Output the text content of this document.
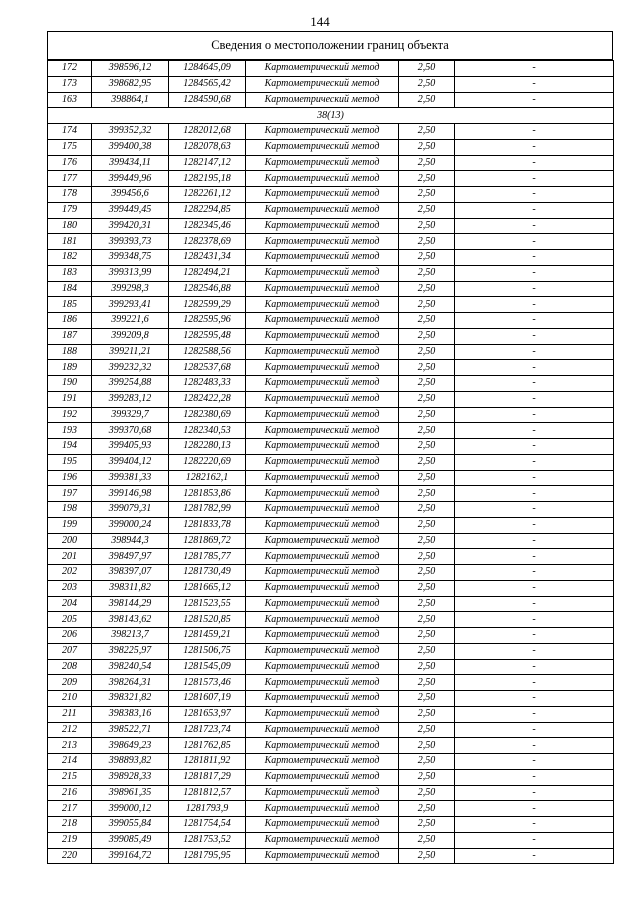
144
Сведения о местоположении границ объекта
172	398596,12	1284645,09	Картометрический метод	2,50	-
173	398682,95	1284565,42	Картометрический метод	2,50	-
163	398864,1	1284590,68	Картометрический метод	2,50	-
38(13)					
174	399352,32	1282012,68	Картометрический метод	2,50	-
175	399400,38	1282078,63	Картометрический метод	2,50	-
176	399434,11	1282147,12	Картометрический метод	2,50	-
177	399449,96	1282195,18	Картометрический метод	2,50	-
178	399456,6	1282261,12	Картометрический метод	2,50	-
179	399449,45	1282294,85	Картометрический метод	2,50	-
180	399420,31	1282345,46	Картометрический метод	2,50	-
181	399393,73	1282378,69	Картометрический метод	2,50	-
182	399348,75	1282431,34	Картометрический метод	2,50	-
183	399313,99	1282494,21	Картометрический метод	2,50	-
184	399298,3	1282546,88	Картометрический метод	2,50	-
185	399293,41	1282599,29	Картометрический метод	2,50	-
186	399221,6	1282595,96	Картометрический метод	2,50	-
187	399209,8	1282595,48	Картометрический метод	2,50	-
188	399211,21	1282588,56	Картометрический метод	2,50	-
189	399232,32	1282537,68	Картометрический метод	2,50	-
190	399254,88	1282483,33	Картометрический метод	2,50	-
191	399283,12	1282422,28	Картометрический метод	2,50	-
192	399329,7	1282380,69	Картометрический метод	2,50	-
193	399370,68	1282340,53	Картометрический метод	2,50	-
194	399405,93	1282280,13	Картометрический метод	2,50	-
195	399404,12	1282220,69	Картометрический метод	2,50	-
196	399381,33	1282162,1	Картометрический метод	2,50	-
197	399146,98	1281853,86	Картометрический метод	2,50	-
198	399079,31	1281782,99	Картометрический метод	2,50	-
199	399000,24	1281833,78	Картометрический метод	2,50	-
200	398944,3	1281869,72	Картометрический метод	2,50	-
201	398497,97	1281785,77	Картометрический метод	2,50	-
202	398397,07	1281730,49	Картометрический метод	2,50	-
203	398311,82	1281665,12	Картометрический метод	2,50	-
204	398144,29	1281523,55	Картометрический метод	2,50	-
205	398143,62	1281520,85	Картометрический метод	2,50	-
206	398213,7	1281459,21	Картометрический метод	2,50	-
207	398225,97	1281506,75	Картометрический метод	2,50	-
208	398240,54	1281545,09	Картометрический метод	2,50	-
209	398264,31	1281573,46	Картометрический метод	2,50	-
210	398321,82	1281607,19	Картометрический метод	2,50	-
211	398383,16	1281653,97	Картометрический метод	2,50	-
212	398522,71	1281723,74	Картометрический метод	2,50	-
213	398649,23	1281762,85	Картометрический метод	2,50	-
214	398893,82	1281811,92	Картометрический метод	2,50	-
215	398928,33	1281817,29	Картометрический метод	2,50	-
216	398961,35	1281812,57	Картометрический метод	2,50	-
217	399000,12	1281793,9	Картометрический метод	2,50	-
218	399055,84	1281754,54	Картометрический метод	2,50	-
219	399085,49	1281753,52	Картометрический метод	2,50	-
220	399164,72	1281795,95	Картометрический метод	2,50	-
